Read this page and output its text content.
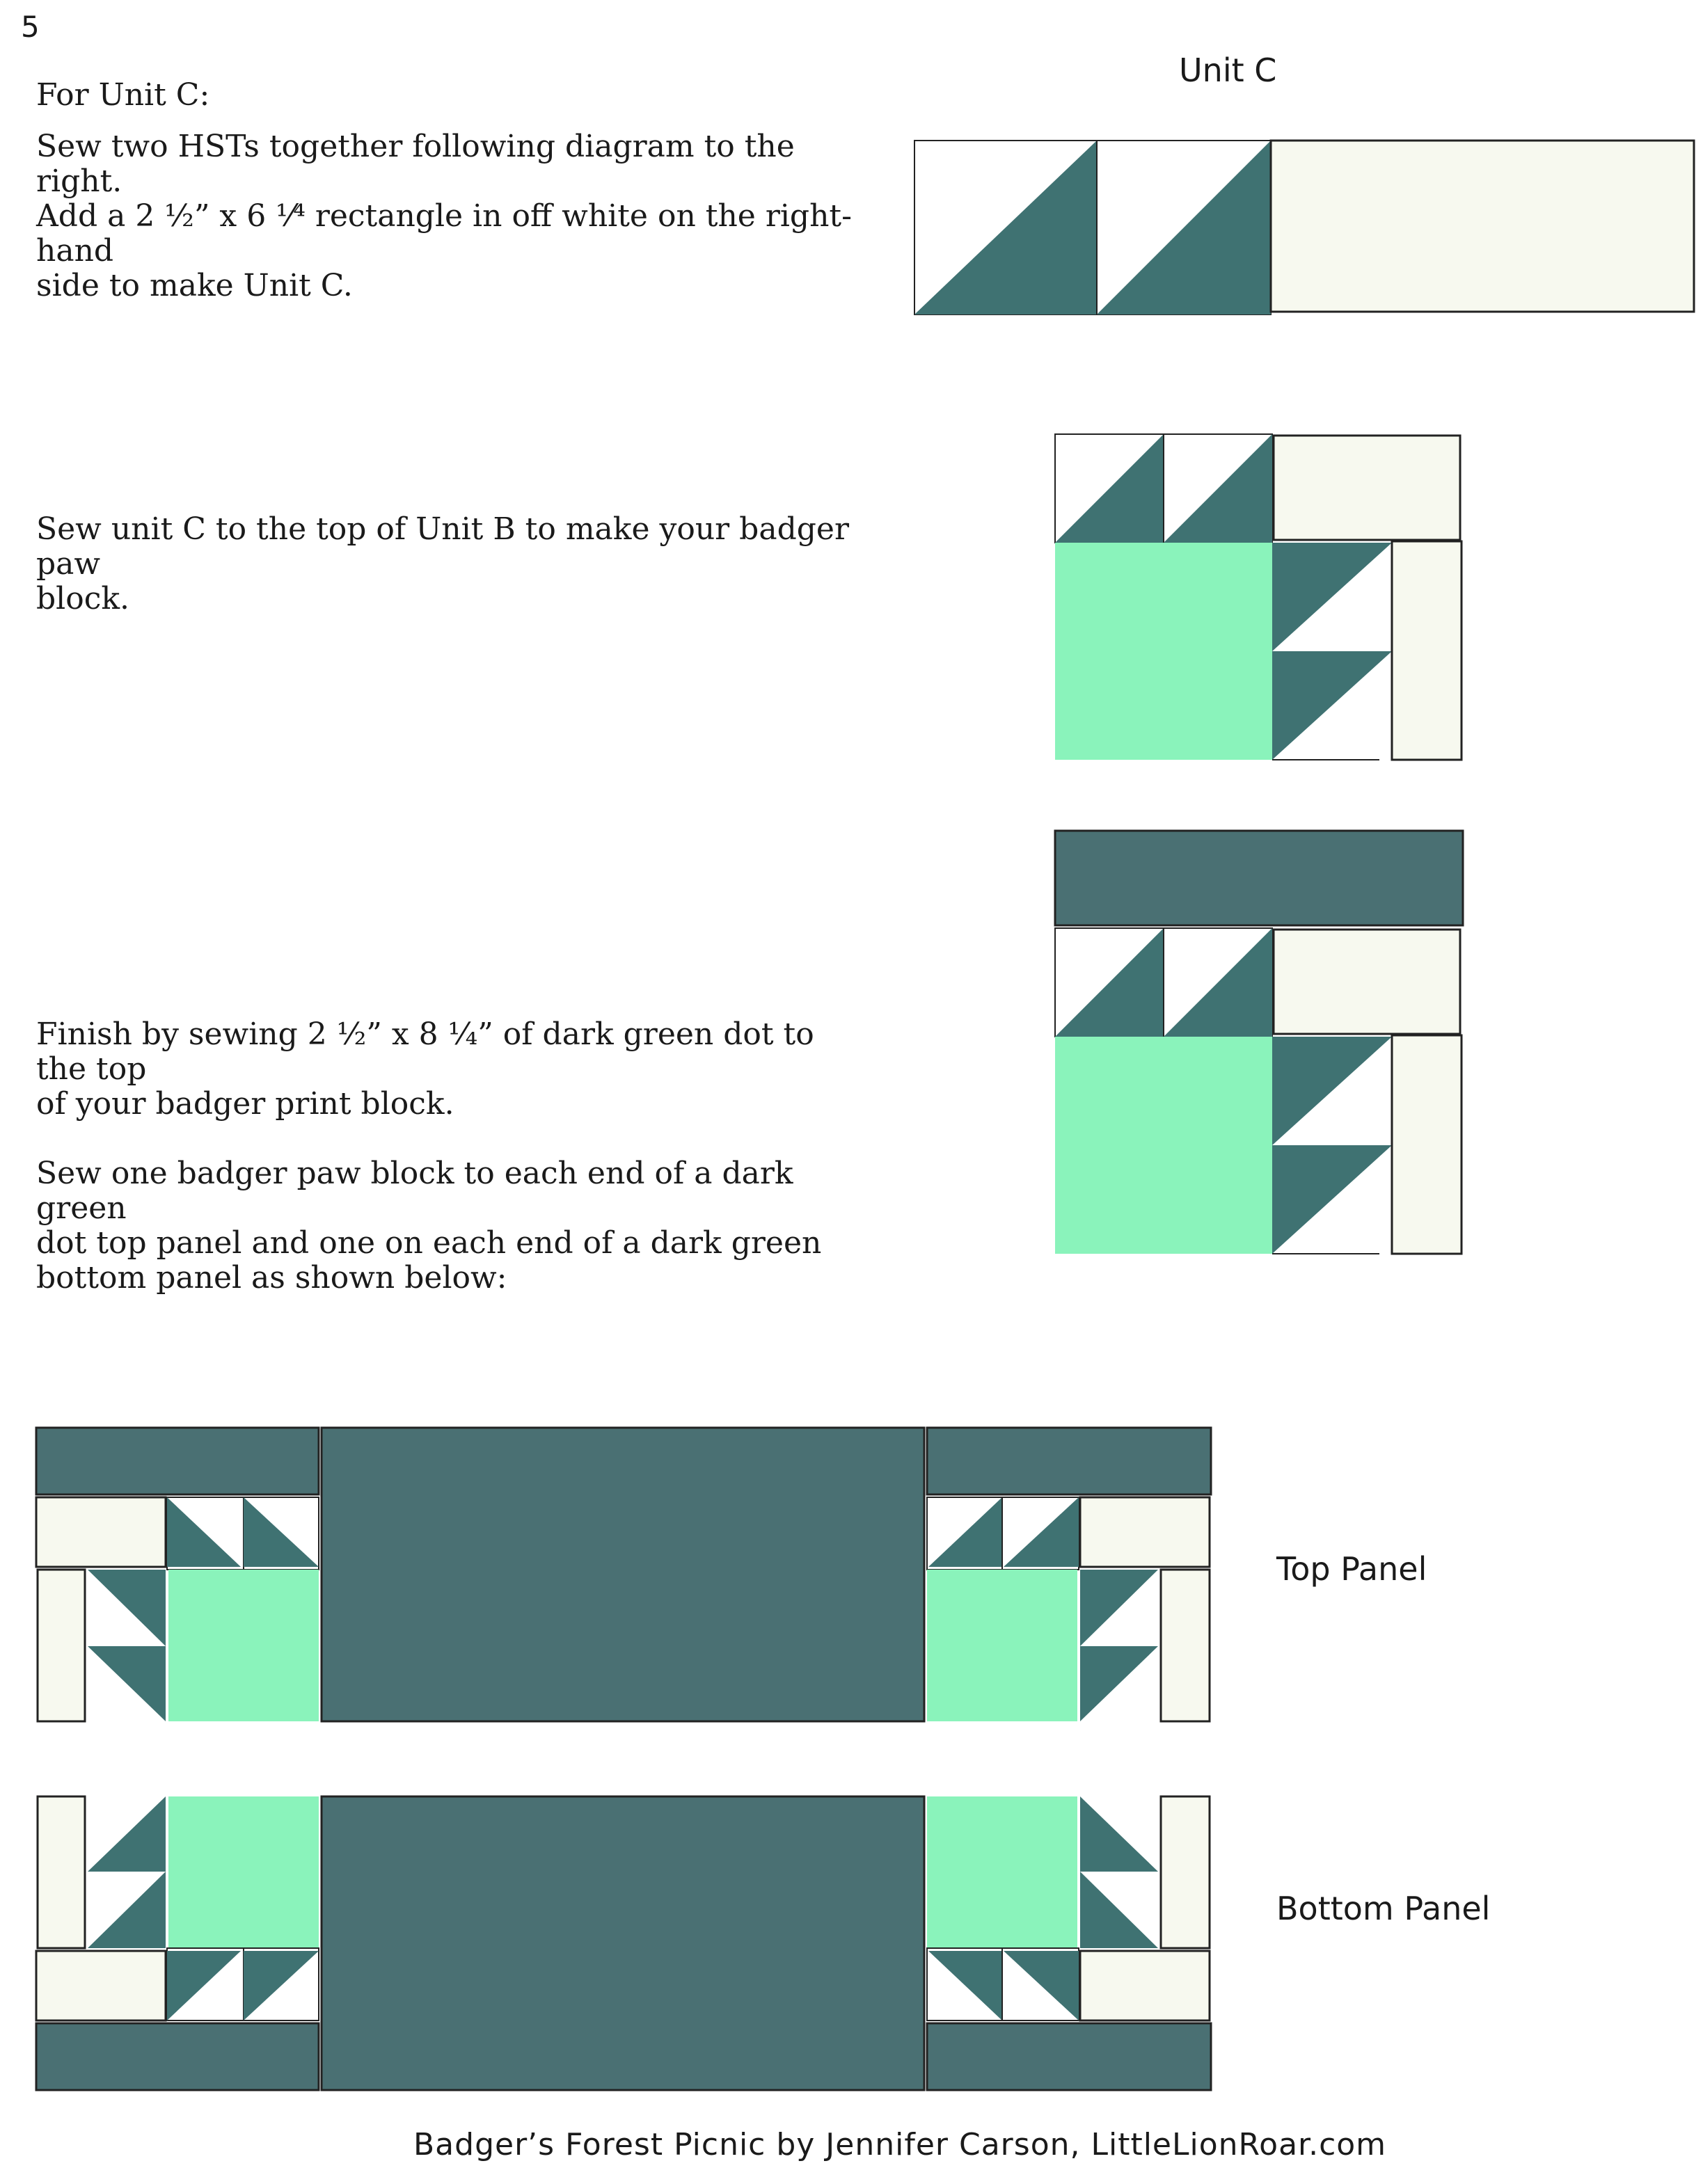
5

For Unit C:

Sew two HSTs together following diagram to the right.
Add a 2 ½” x 6 ¹⁄⁴ rectangle in off white on the right-hand
side to make Unit C.

Sew unit C to the top of Unit B to make your badger paw
block.

Finish by sewing 2 ½” x 8 ¼” of dark green dot to the top
of your badger print block.

Sew one badger paw block to each end of a dark green
dot top panel and one on each end of a dark green
bottom panel as shown below:

Unit C
Top Panel
Bottom Panel
Badger’s Forest Picnic by Jennifer Carson, LittleLionRoar.com
